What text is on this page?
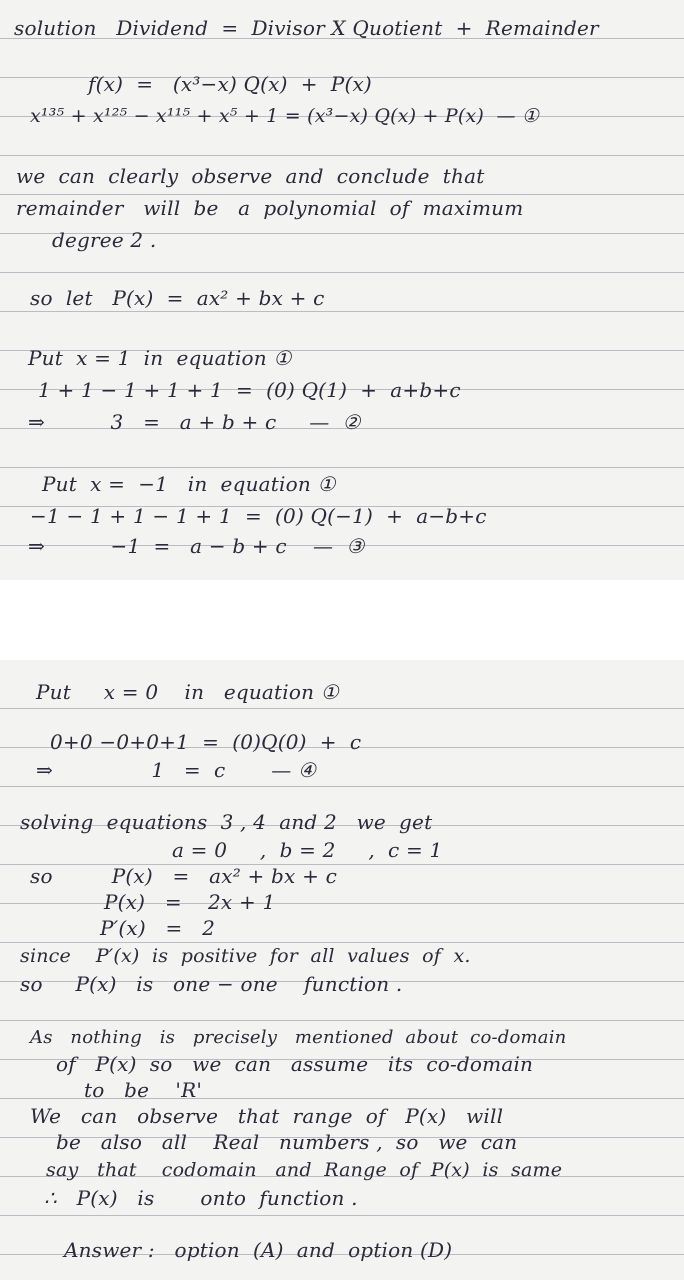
solution   Dividend  =  Divisor X Quotient  +  Remainder
f(x)  =   (x³−x) Q(x)  +  P(x)
x¹³⁵ + x¹²⁵ − x¹¹⁵ + x⁵ + 1 = (x³−x) Q(x) + P(x)  — ①
we  can  clearly  observe  and  conclude  that
remainder   will  be   a  polynomial  of  maximum
degree 2 .
so  let   P(x)  =  ax² + bx + c
Put  x = 1  in  equation ①
1 + 1 − 1 + 1 + 1  =  (0) Q(1)  +  a+b+c
⇒          3   =   a + b + c     —  ②
Put  x =  −1   in  equation ①
−1 − 1 + 1 − 1 + 1  =  (0) Q(−1)  +  a−b+c
⇒          −1  =   a − b + c    —  ③
Put     x = 0    in   equation ①
0+0 −0+0+1  =  (0)Q(0)  +  c
⇒               1   =  c       — ④
solving  equations  3 , 4  and 2   we  get
a = 0     ,  b = 2     ,  c = 1
so         P(x)   =   ax² + bx + c
P(x)   =    2x + 1
P′(x)   =   2
since    P′(x)  is  positive  for  all  values  of  x.
so     P(x)   is   one − one    function .
As   nothing   is   precisely   mentioned  about  co-domain
of   P(x)  so   we  can   assume   its  co-domain
to   be    'R'
We   can   observe   that  range  of   P(x)   will
be   also   all    Real   numbers ,  so   we  can
say   that    codomain   and  Range  of  P(x)  is  same
∴   P(x)   is       onto  function .
Answer :   option  (A)  and  option (D)
